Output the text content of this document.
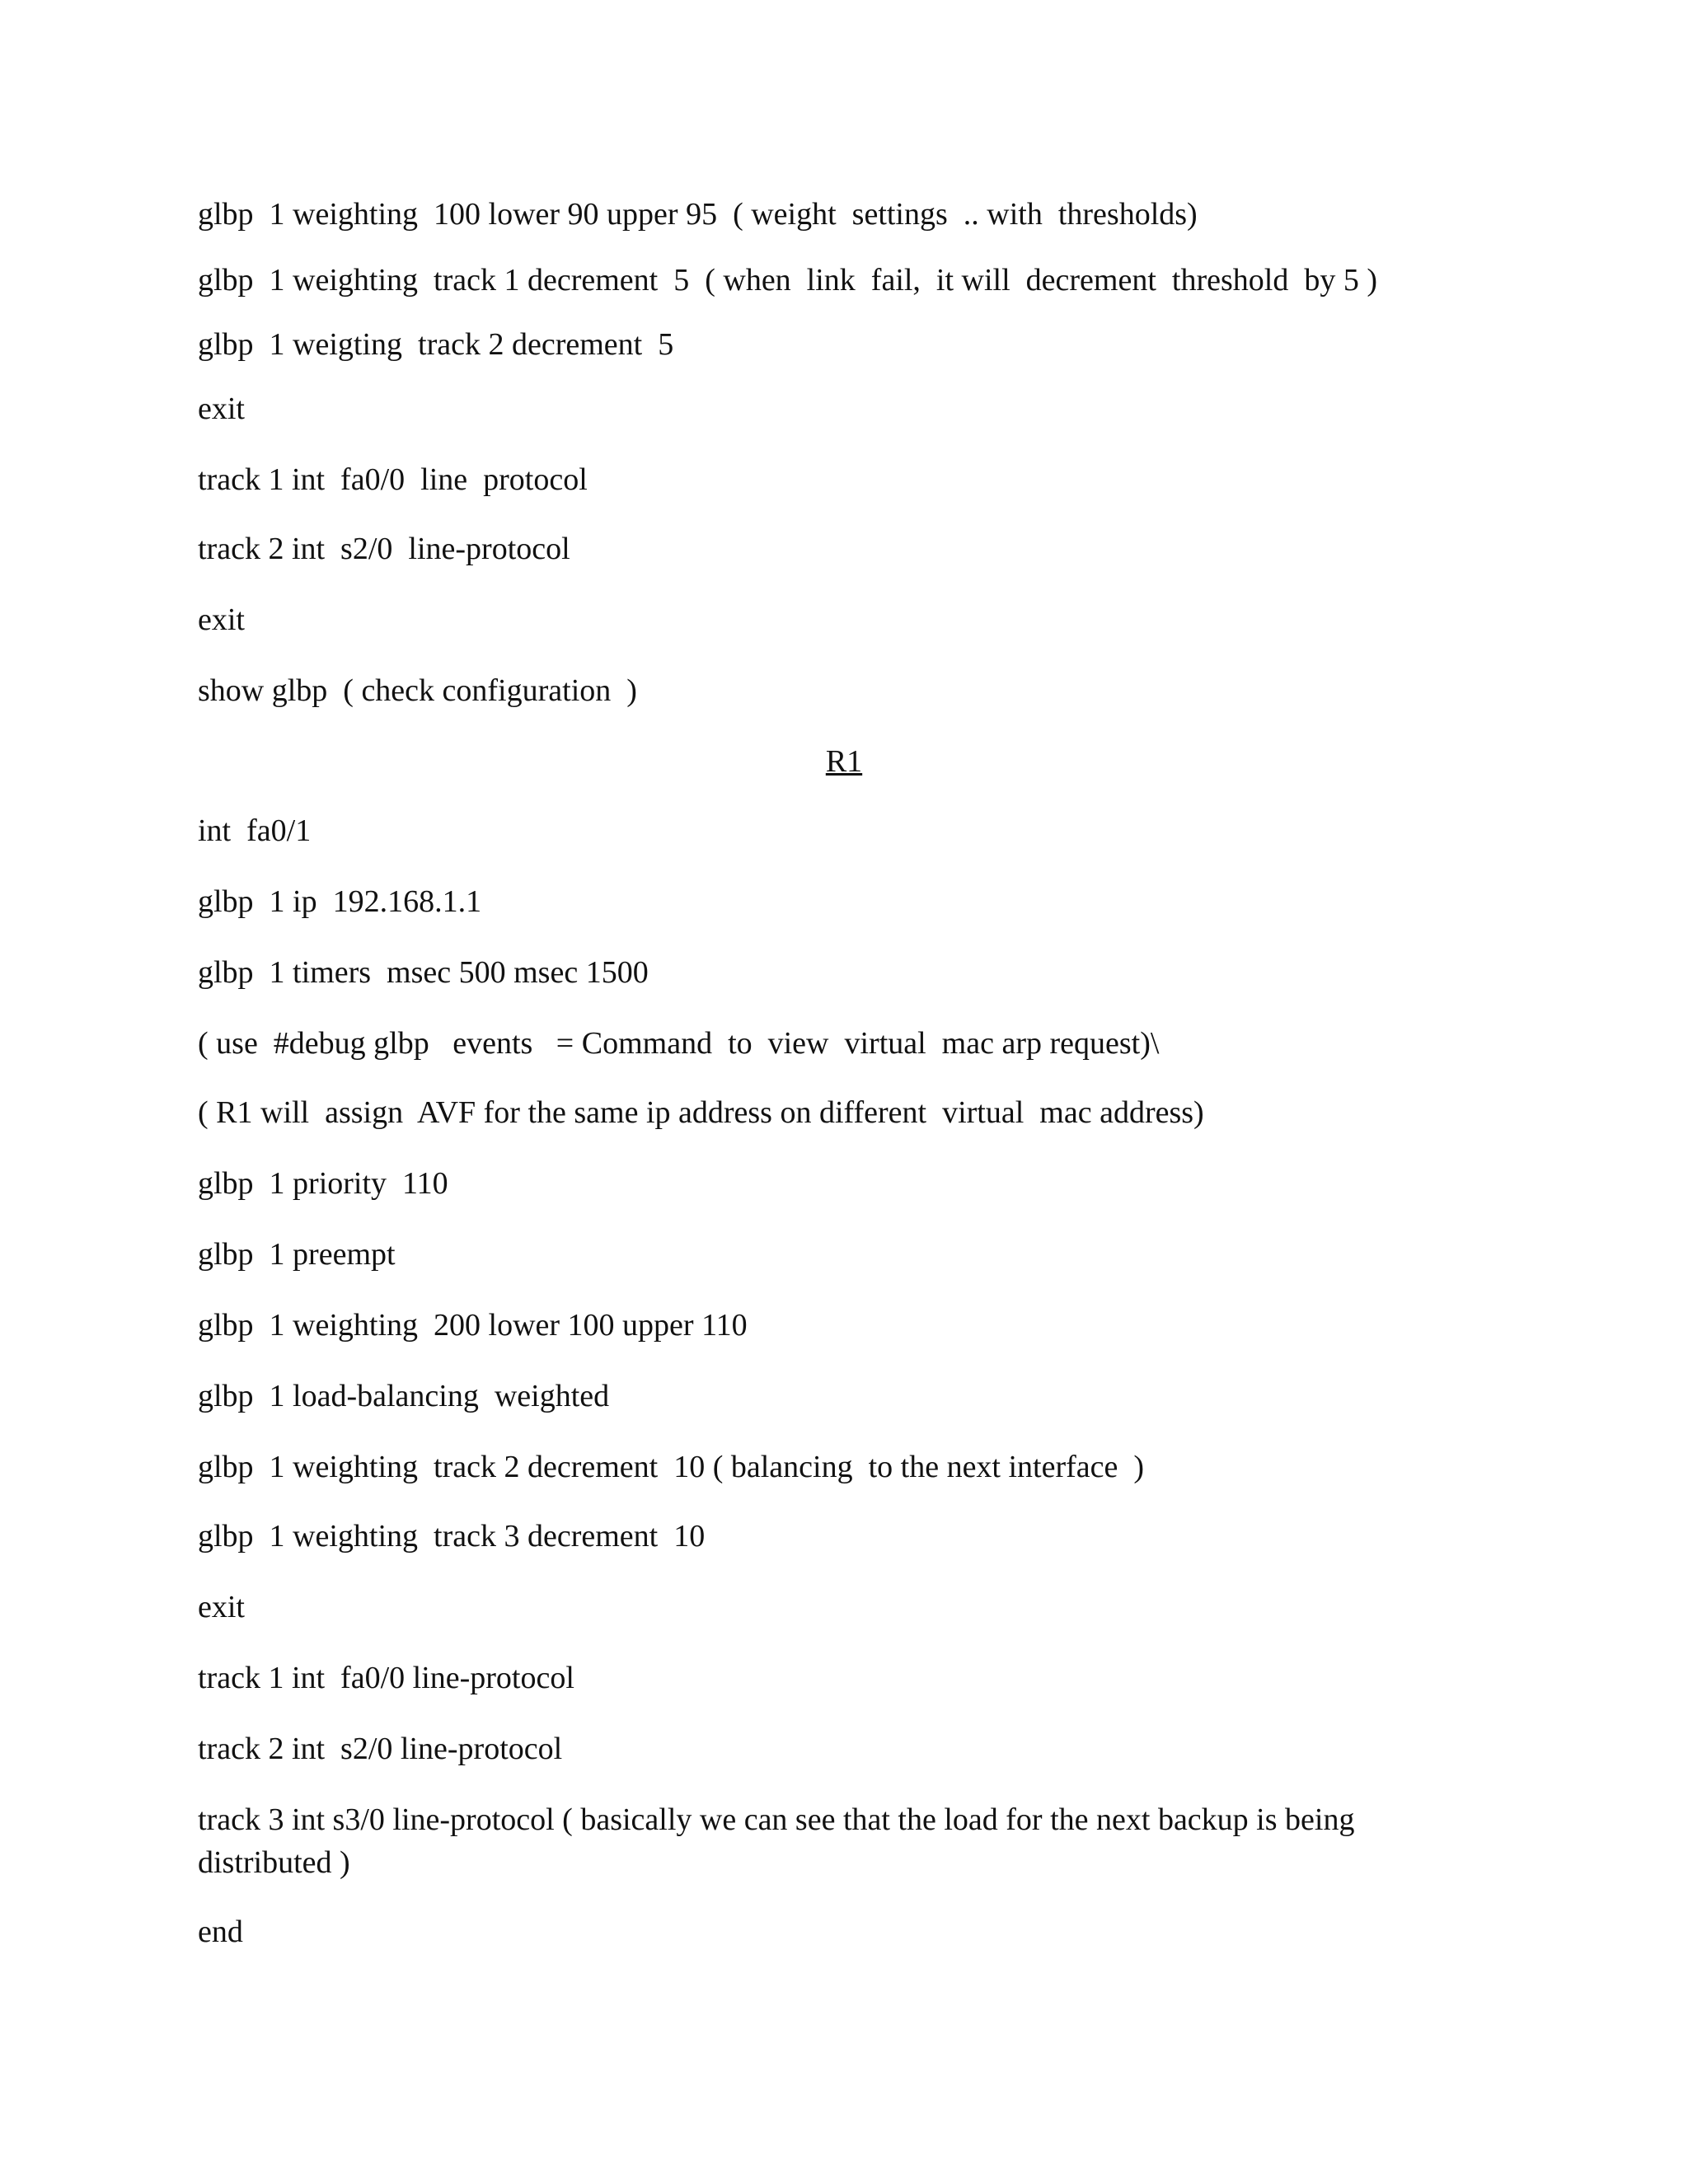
glbp  1 weighting  100 lower 90 upper 95  ( weight  settings  .. with  thresholds)
glbp  1 weighting  track 1 decrement  5  ( when  link  fail,  it will  decrement  threshold  by 5 )
glbp  1 weigting  track 2 decrement  5
exit
track 1 int  fa0/0  line  protocol
track 2 int  s2/0  line-protocol
exit
show glbp  ( check configuration  )
R1
int  fa0/1
glbp  1 ip  192.168.1.1
glbp  1 timers  msec 500 msec 1500
( use  #debug glbp   events   = Command  to  view  virtual  mac arp request)\
( R1 will  assign  AVF for the same ip address on different  virtual  mac address)
glbp  1 priority  110
glbp  1 preempt
glbp  1 weighting  200 lower 100 upper 110
glbp  1 load-balancing  weighted
glbp  1 weighting  track 2 decrement  10 ( balancing  to the next interface  )
glbp  1 weighting  track 3 decrement  10
exit
track 1 int  fa0/0 line-protocol
track 2 int  s2/0 line-protocol
track 3 int s3/0 line-protocol ( basically we can see that the load for the next backup is being distributed )
end
